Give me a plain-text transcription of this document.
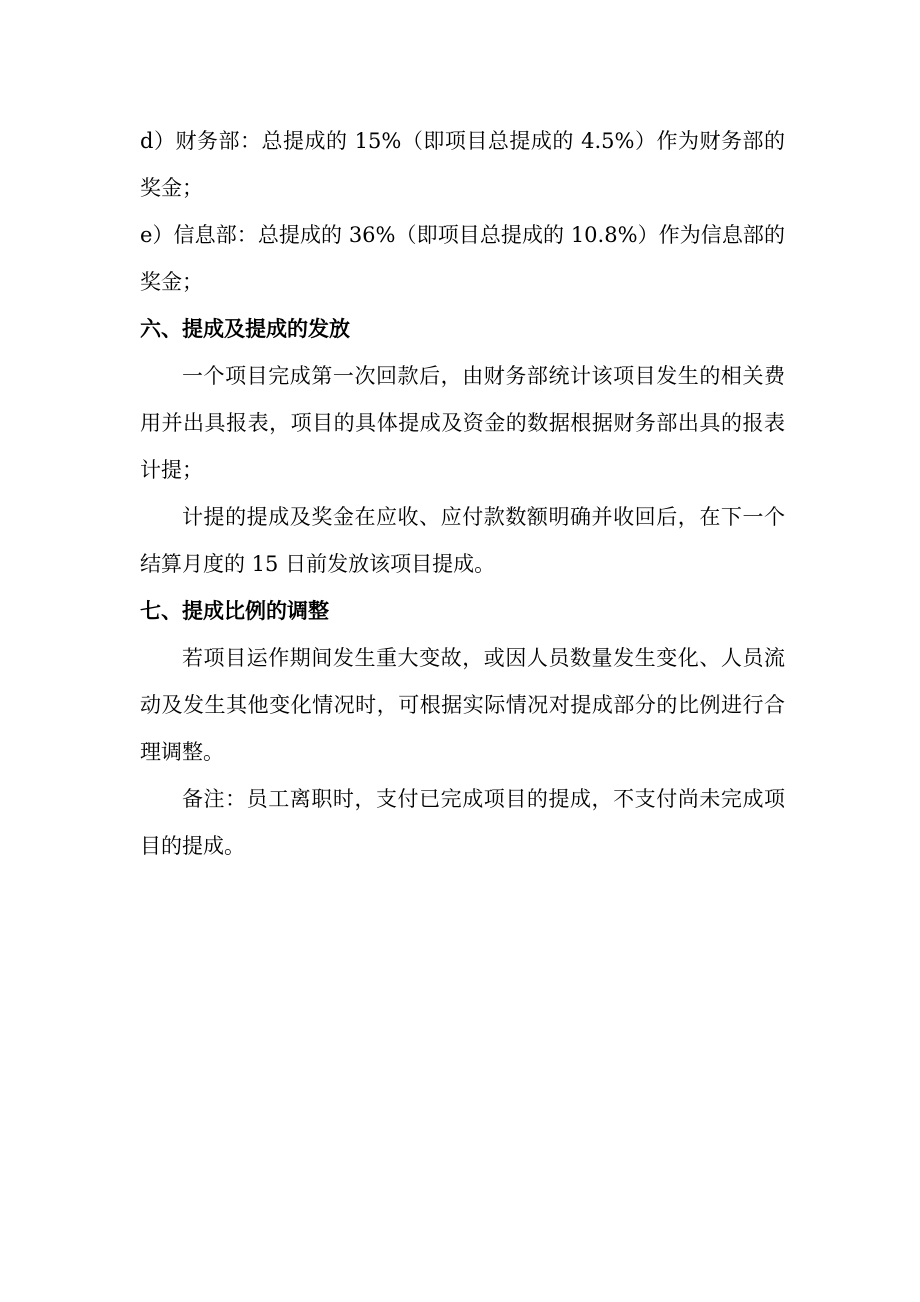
d）财务部：总提成的 15%（即项目总提成的 4.5%）作为财务部的奖金；

e）信息部：总提成的 36%（即项目总提成的 10.8%）作为信息部的奖金；

六、提成及提成的发放

一个项目完成第一次回款后，由财务部统计该项目发生的相关费用并出具报表，项目的具体提成及资金的数据根据财务部出具的报表计提；

计提的提成及奖金在应收、应付款数额明确并收回后，在下一个结算月度的 15 日前发放该项目提成。

七、提成比例的调整

若项目运作期间发生重大变故，或因人员数量发生变化、人员流动及发生其他变化情况时，可根据实际情况对提成部分的比例进行合理调整。

备注：员工离职时，支付已完成项目的提成，不支付尚未完成项目的提成。
